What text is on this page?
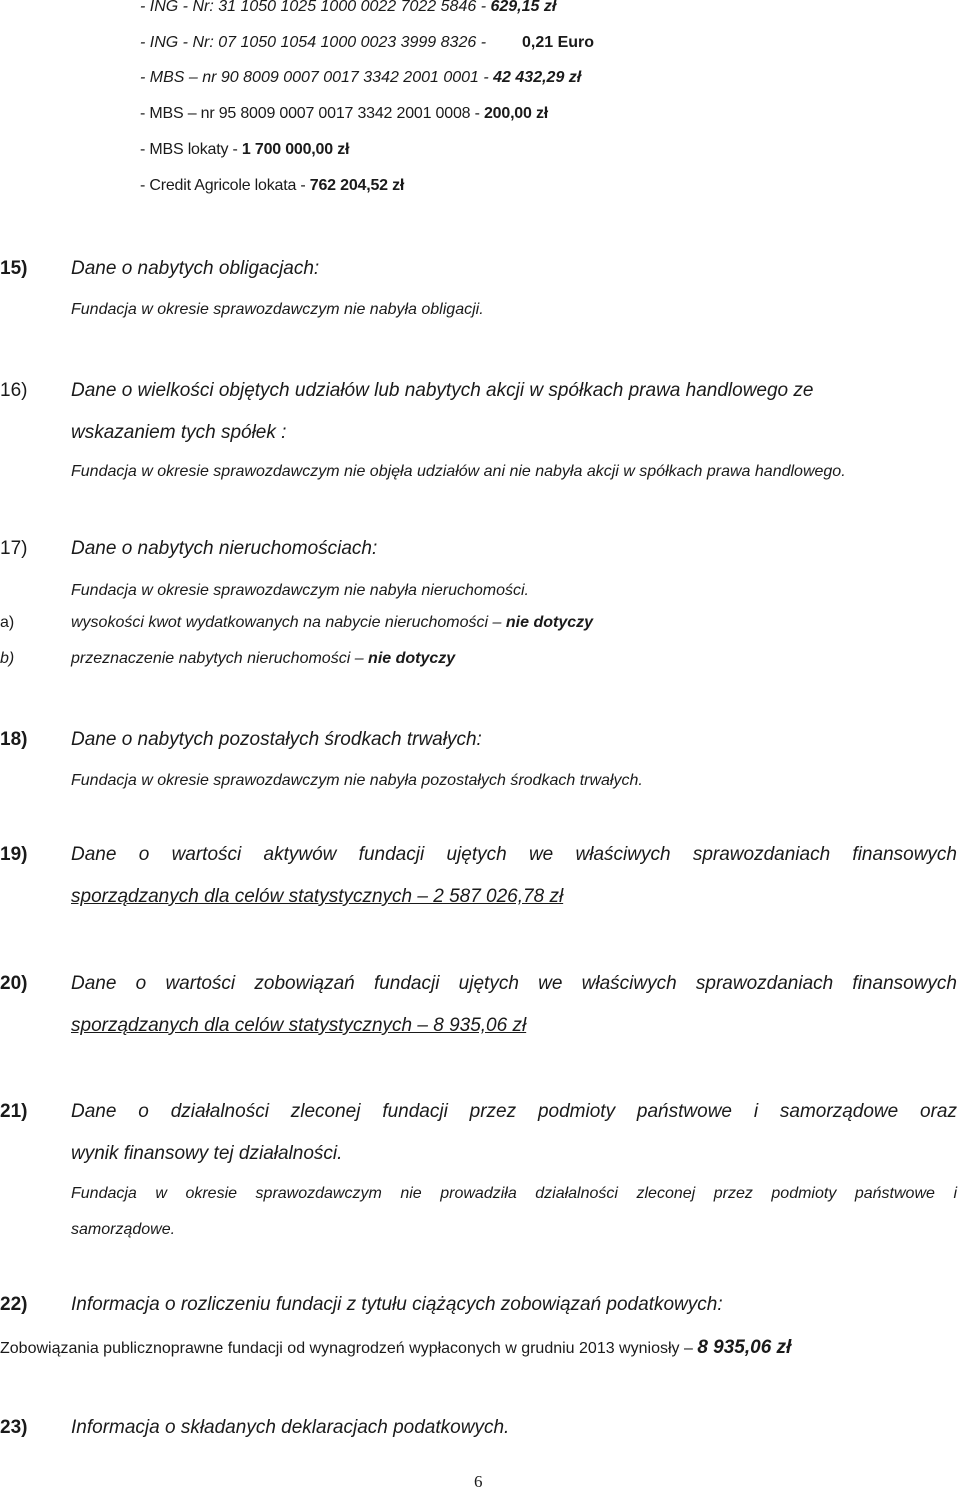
- ING - Nr: 31 1050 1025 1000 0022 7022 5846 - 629,15 zł
- ING - Nr: 07 1050 1054 1000 0023 3999 8326 - 0,21 Euro
- MBS – nr 90 8009 0007 0017 3342 2001 0001 - 42 432,29 zł
- MBS – nr 95 8009 0007 0017 3342 2001 0008 - 200,00 zł
- MBS lokaty - 1 700 000,00 zł
- Credit Agricole lokata - 762 204,52 zł
15) Dane o nabytych obligacjach:
Fundacja w okresie sprawozdawczym nie nabyła obligacji.
16) Dane o wielkości objętych udziałów lub nabytych akcji w spółkach prawa handlowego ze
wskazaniem tych spółek :
Fundacja w okresie sprawozdawczym nie objęła udziałów ani nie nabyła akcji w spółkach prawa handlowego.
17) Dane o nabytych nieruchomościach:
Fundacja w okresie sprawozdawczym nie nabyła nieruchomości.
a)	wysokości kwot wydatkowanych na nabycie nieruchomości – nie dotyczy
b)	przeznaczenie nabytych nieruchomości – nie dotyczy
18) Dane o nabytych pozostałych środkach trwałych:
Fundacja w okresie sprawozdawczym nie nabyła pozostałych środkach trwałych.
19) Dane o wartości aktywów fundacji ujętych we właściwych sprawozdaniach finansowych
sporządzanych dla celów statystycznych – 2 587 026,78 zł
20) Dane o wartości zobowiązań fundacji ujętych we właściwych sprawozdaniach finansowych
sporządzanych dla celów statystycznych – 8 935,06 zł
21) Dane o działalności zleconej fundacji przez podmioty państwowe i samorządowe oraz
wynik finansowy tej działalności.
Fundacja w okresie sprawozdawczym nie prowadziła działalności zleconej przez podmioty państwowe i
samorządowe.
22) Informacja o rozliczeniu fundacji z tytułu ciążących zobowiązań podatkowych:
Zobowiązania publicznoprawne fundacji od wynagrodzeń wypłaconych w grudniu 2013 wyniosły – 8 935,06 zł
23) Informacja o składanych deklaracjach podatkowych.
6
